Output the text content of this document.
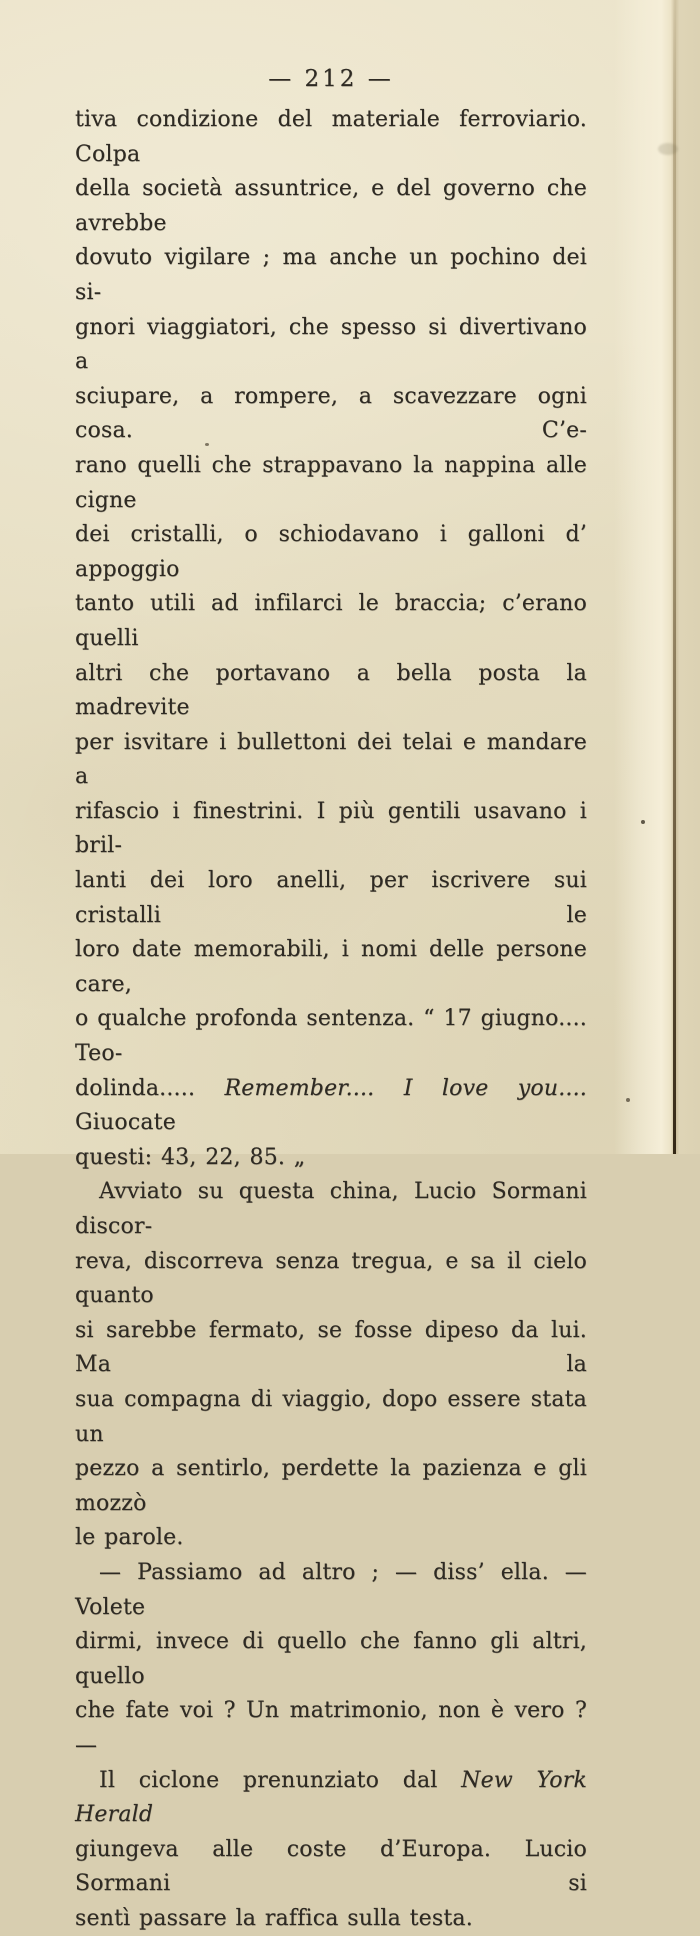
— 212 —
tiva condizione del materiale ferroviario. Colpa
della società assuntrice, e del governo che avrebbe
dovuto vigilare ; ma anche un pochino dei si-
gnori viaggiatori, che spesso si divertivano a
sciupare, a rompere, a scavezzare ogni cosa. C’e-
rano quelli che strappavano la nappina alle cigne
dei cristalli, o schiodavano i galloni d’ appoggio
tanto utili ad infilarci le braccia; c’erano quelli
altri che portavano a bella posta la madrevite
per isvitare i bullettoni dei telai e mandare a
rifascio i finestrini. I più gentili usavano i bril-
lanti dei loro anelli, per iscrivere sui cristalli le
loro date memorabili, i nomi delle persone care,
o qualche profonda sentenza. “ 17 giugno.... Teo-
dolinda..... Remember.... I love you.... Giuocate
questi: 43, 22, 85. „
Avviato su questa china, Lucio Sormani discor-
reva, discorreva senza tregua, e sa il cielo quanto
si sarebbe fermato, se fosse dipeso da lui. Ma la
sua compagna di viaggio, dopo essere stata un
pezzo a sentirlo, perdette la pazienza e gli mozzò
le parole.
— Passiamo ad altro ; — diss’ ella. — Volete
dirmi, invece di quello che fanno gli altri, quello
che fate voi ? Un matrimonio, non è vero ? —
Il ciclone prenunziato dal New York Herald
giungeva alle coste d’Europa. Lucio Sormani si
sentì passare la raffica sulla testa.
